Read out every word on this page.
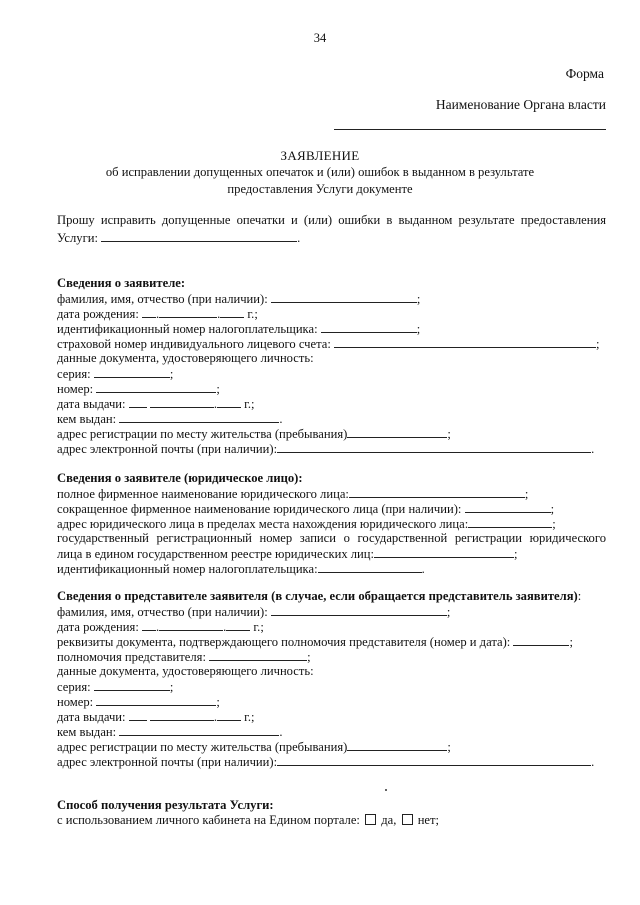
34
Форма
Наименование Органа власти
ЗАЯВЛЕНИЕ
об исправлении допущенных опечаток и (или) ошибок в выданном в результате
предоставления Услуги документе
Прошу исправить допущенные опечатки и (или) ошибки в выданном результате предоставления
Услуги:	.
Сведения о заявителе:
фамилия, имя, отчество (при наличии):	;
дата рождения: .	. г.;
идентификационный номер налогоплательщика:	;
страховой номер индивидуального лицевого счета:	;
данные документа, удостоверяющего личность:
серия:	;
номер:	;
дата выдачи:	. г.;
кем выдан:	.
адрес регистрации по месту жительства (пребывания)	;
адрес электронной почты (при наличии):	.
Сведения о заявителе (юридическое лицо):
полное фирменное наименование юридического лица:	;
сокращенное фирменное наименование юридического лица (при наличии):	;
адрес юридического лица в пределах места нахождения юридического лица:	;
государственный регистрационный номер записи о государственной регистрации юридического
лица в едином государственном реестре юридических лиц:	;
идентификационный номер налогоплательщика:	.
Сведения о представителе заявителя (в случае, если обращается представитель заявителя):
фамилия, имя, отчество (при наличии):	;
дата рождения: .	. г.;
реквизиты документа, подтверждающего полномочия представителя (номер и дата):	;
полномочия представителя:	;
данные документа, удостоверяющего личность:
серия:	;
номер:	;
дата выдачи:	. г.;
кем выдан:	.
адрес регистрации по месту жительства (пребывания)	;
адрес электронной почты (при наличии):	.
Способ получения результата Услуги:
с использованием личного кабинета на Едином портале:  да,  нет;
